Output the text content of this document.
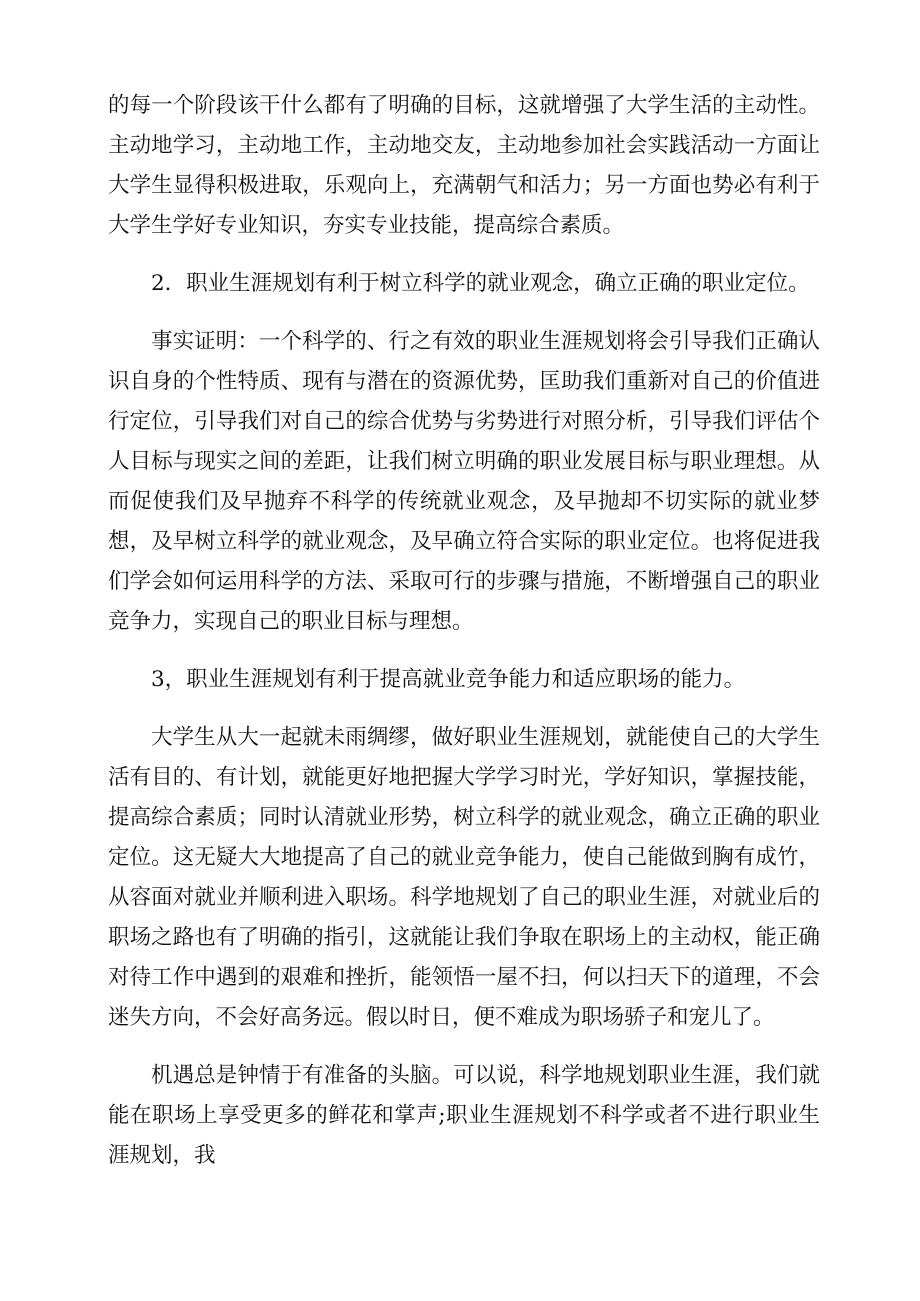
的每一个阶段该干什么都有了明确的目标，这就增强了大学生活的主动性。主动地学习，主动地工作，主动地交友，主动地参加社会实践活动一方面让大学生显得积极进取，乐观向上，充满朝气和活力；另一方面也势必有利于大学生学好专业知识，夯实专业技能，提高综合素质。

2．职业生涯规划有利于树立科学的就业观念，确立正确的职业定位。

事实证明：一个科学的、行之有效的职业生涯规划将会引导我们正确认识自身的个性特质、现有与潜在的资源优势，匡助我们重新对自己的价值进行定位，引导我们对自己的综合优势与劣势进行对照分析，引导我们评估个人目标与现实之间的差距，让我们树立明确的职业发展目标与职业理想。从而促使我们及早抛弃不科学的传统就业观念，及早抛却不切实际的就业梦想，及早树立科学的就业观念，及早确立符合实际的职业定位。也将促进我们学会如何运用科学的方法、采取可行的步骤与措施，不断增强自己的职业竞争力，实现自己的职业目标与理想。

3，职业生涯规划有利于提高就业竞争能力和适应职场的能力。

大学生从大一起就未雨绸缪，做好职业生涯规划，就能使自己的大学生活有目的、有计划，就能更好地把握大学学习时光，学好知识，掌握技能，提高综合素质；同时认清就业形势，树立科学的就业观念，确立正确的职业定位。这无疑大大地提高了自己的就业竞争能力，使自己能做到胸有成竹，从容面对就业并顺利进入职场。科学地规划了自己的职业生涯，对就业后的职场之路也有了明确的指引，这就能让我们争取在职场上的主动权，能正确对待工作中遇到的艰难和挫折，能领悟一屋不扫，何以扫天下的道理，不会迷失方向，不会好高务远。假以时日，便不难成为职场骄子和宠儿了。

机遇总是钟情于有准备的头脑。可以说，科学地规划职业生涯，我们就能在职场上享受更多的鲜花和掌声;职业生涯规划不科学或者不进行职业生涯规划，我
